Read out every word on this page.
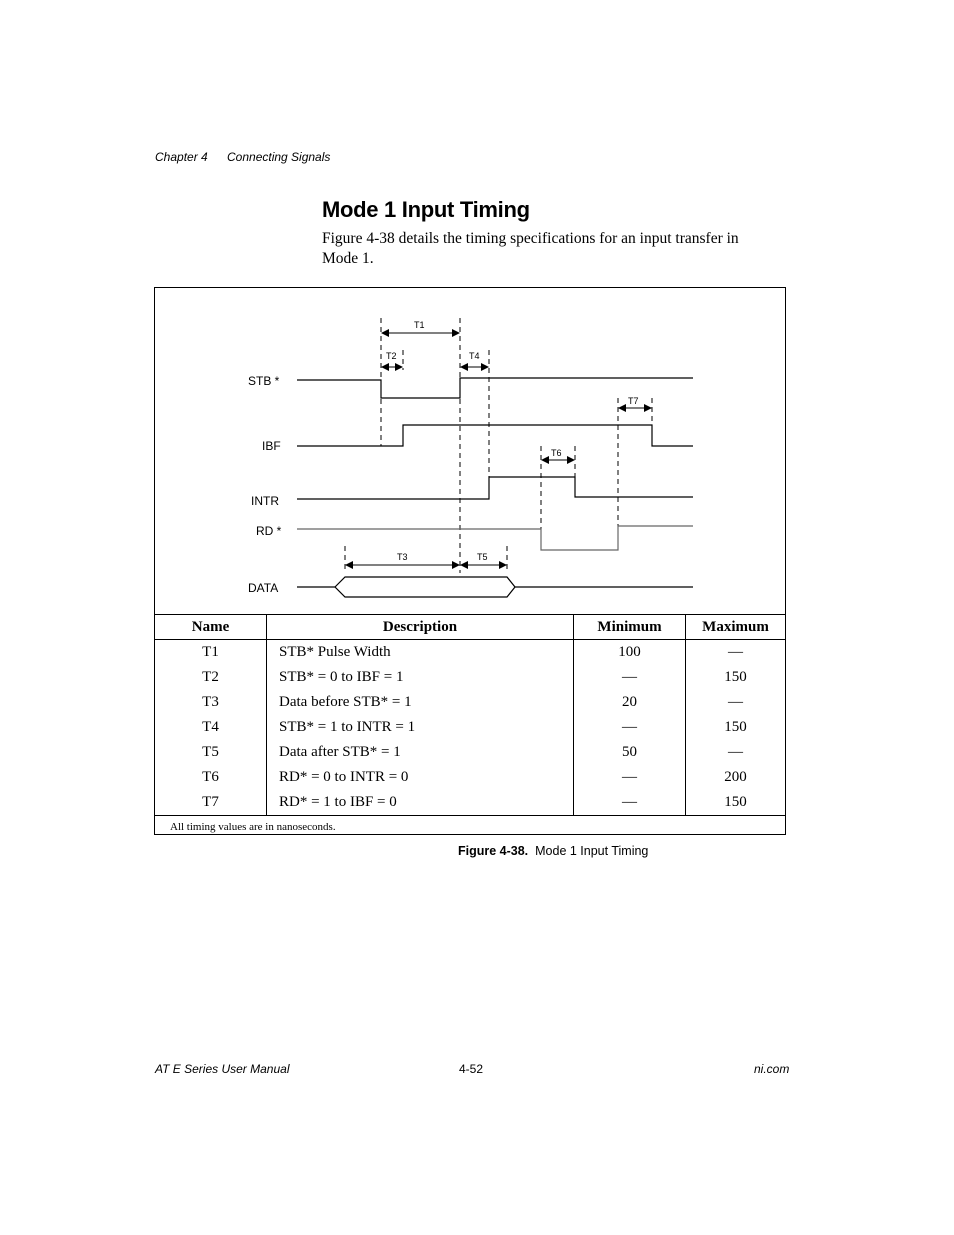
Chapter 4 Connecting Signals
Mode 1 Input Timing

Figure 4-38 details the timing specifications for an input transfer in Mode 1.

STB *
IBF
INTR
RD *
DATA
T1
T2	T4
T7
T6
T3	T5
Name	Description	Minimum	Maximum
T1	STB* Pulse Width	100	—
T2	STB* = 0 to IBF = 1	—	150
T3	Data before STB* = 1	20	—
T4	STB* = 1 to INTR = 1	—	150
T5	Data after STB* = 1	50	—
T6	RD* = 0 to INTR = 0	—	200
T7	RD* = 1 to IBF = 0	—	150
All timing values are in nanoseconds.			
Figure 4-38. Mode 1 Input Timing
AT E Series User Manual	4-52	ni.com
